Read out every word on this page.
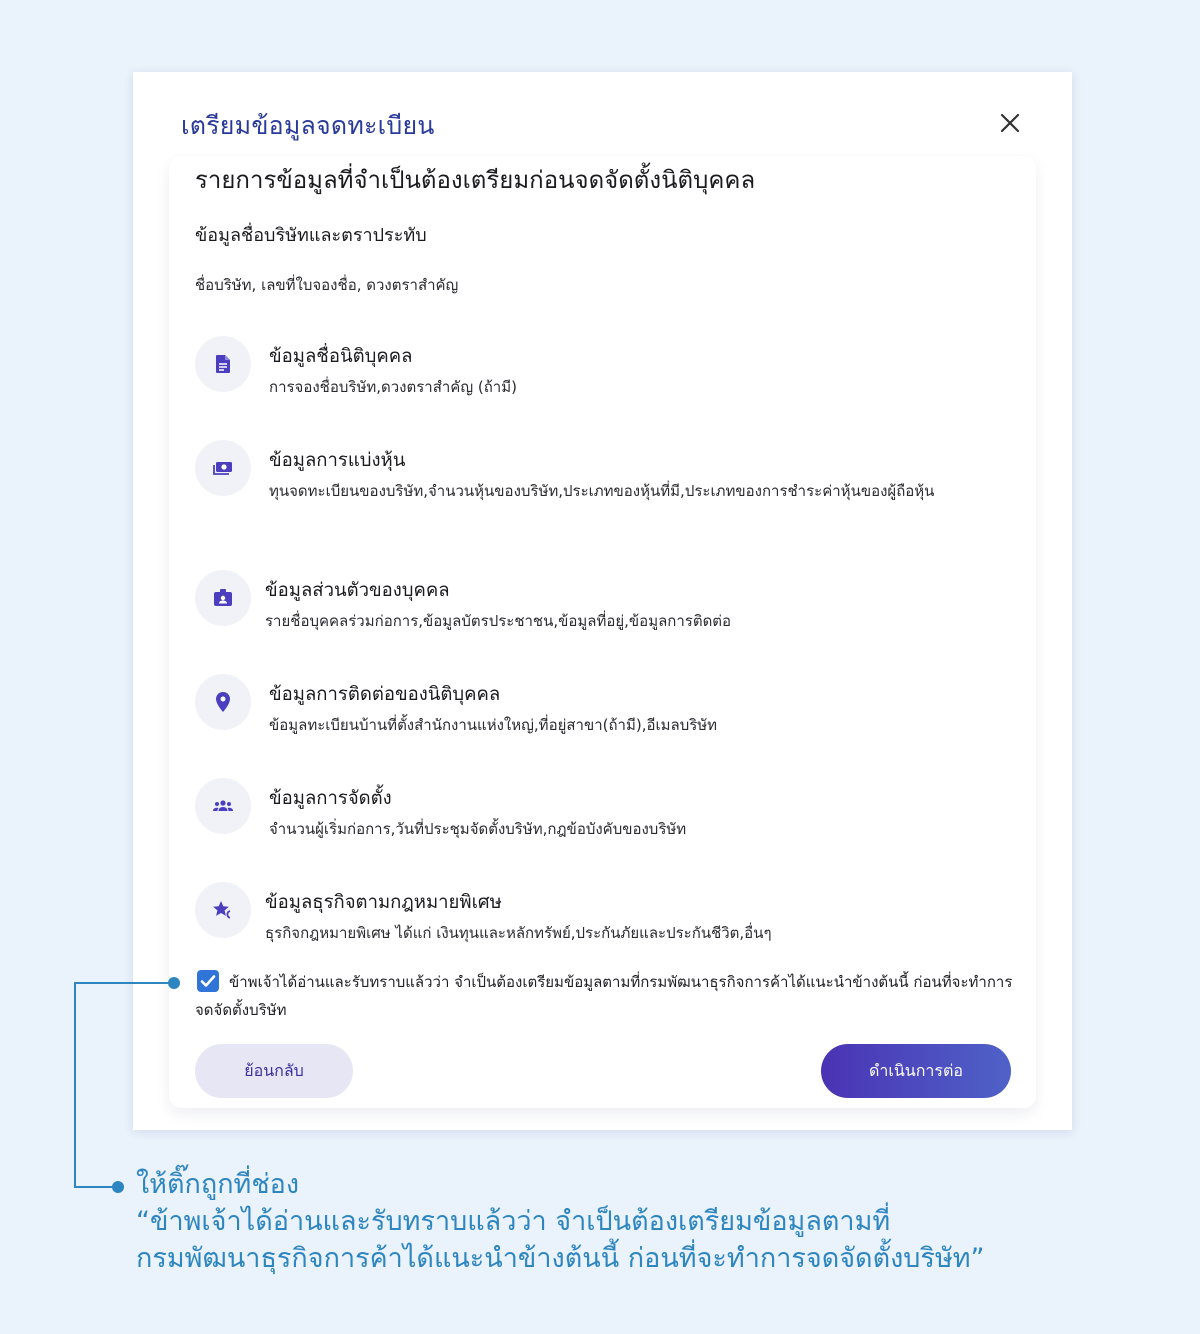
เตรียมข้อมูลจดทะเบียน
รายการข้อมูลที่จำเป็นต้องเตรียมก่อนจดจัดตั้งนิติบุคคล
ข้อมูลชื่อบริษัทและตราประทับ
ชื่อบริษัท, เลขที่ใบจองชื่อ, ดวงตราสำคัญ
ข้อมูลชื่อนิติบุคคล
การจองชื่อบริษัท,ดวงตราสำคัญ (ถ้ามี)
ข้อมูลการแบ่งหุ้น
ทุนจดทะเบียนของบริษัท,จำนวนหุ้นของบริษัท,ประเภทของหุ้นที่มี,ประเภทของการชำระค่าหุ้นของผู้ถือหุ้น
ข้อมูลส่วนตัวของบุคคล
รายชื่อบุคคลร่วมก่อการ,ข้อมูลบัตรประชาชน,ข้อมูลที่อยู่,ข้อมูลการติดต่อ
ข้อมูลการติดต่อของนิติบุคคล
ข้อมูลทะเบียนบ้านที่ตั้งสำนักงานแห่งใหญ่,ที่อยู่สาขา(ถ้ามี),อีเมลบริษัท
ข้อมูลการจัดตั้ง
จำนวนผู้เริ่มก่อการ,วันที่ประชุมจัดตั้งบริษัท,กฎข้อบังคับของบริษัท
ข้อมูลธุรกิจตามกฎหมายพิเศษ
ธุรกิจกฎหมายพิเศษ ได้แก่ เงินทุนและหลักทรัพย์,ประกันภัยและประกันชีวิต,อื่นๆ
ข้าพเจ้าได้อ่านและรับทราบแล้วว่า จำเป็นต้องเตรียมข้อมูลตามที่กรมพัฒนาธุรกิจการค้าได้แนะนำข้างต้นนี้ ก่อนที่จะทำการจดจัดตั้งบริษัท
ย้อนกลับ	ดำเนินการต่อ
ให้ติ๊กถูกที่ช่อง
“ข้าพเจ้าได้อ่านและรับทราบแล้วว่า จำเป็นต้องเตรียมข้อมูลตามที่
กรมพัฒนาธุรกิจการค้าได้แนะนำข้างต้นนี้ ก่อนที่จะทำการจดจัดตั้งบริษัท”
